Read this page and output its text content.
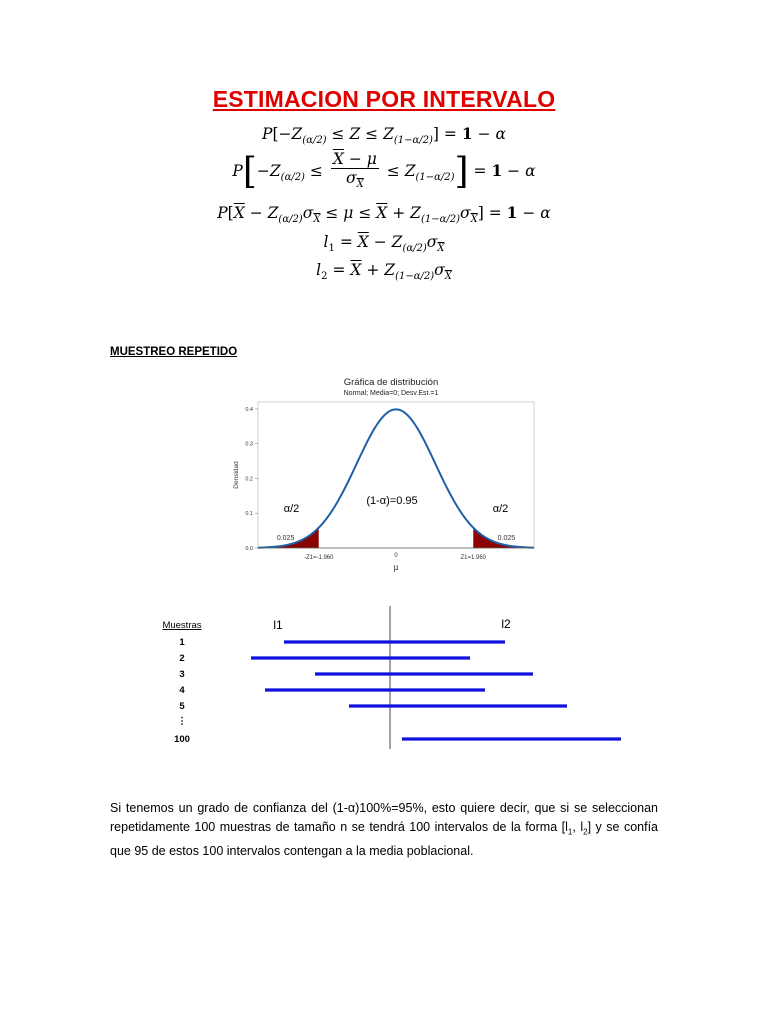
ESTIMACION POR INTERVALO
$P[-Z_{(\alpha/2)} \le Z \le Z_{(1-\alpha/2)}] = 1 - \alpha$
$P[-Z_{(\alpha/2)} \le \frac{\overline{X} - \mu}{\sigma_{\overline{X}}} \le Z_{(1-\alpha/2)}] = 1 - \alpha$
$P[\overline{X} - Z_{(\alpha/2)}\sigma_{\overline{X}} \le \mu \le \overline{X} + Z_{(1-\alpha/2)}\sigma_{\overline{X}}] = 1 - \alpha$
$l_1 = \overline{X} - Z_{(\alpha/2)}\sigma_{\overline{X}}$
$l_2 = \overline{X} + Z_{(1-\alpha/2)}\sigma_{\overline{X}}$
MUESTREO REPETIDO
Gráfica de distribución
Normal; Media=0; Desv.Est.=1
0.0
0.1
0.2
0.3
0.4
Densidad
-Z1=-1.960	0	Z1=1.960
μ
(1-α)=0.95
α/2	α/2
0.025	0.025
Muestras	l1	l2
1
2
3
4
5
⋮
100
Si tenemos un grado de confianza del (1-α)100%=95%, esto quiere decir, que si se seleccionan repetidamente 100 muestras de tamaño n se tendrá 100 intervalos de la forma [$l_1$, $l_2$] y se confía que 95 de estos 100 intervalos contengan a la media poblacional.
